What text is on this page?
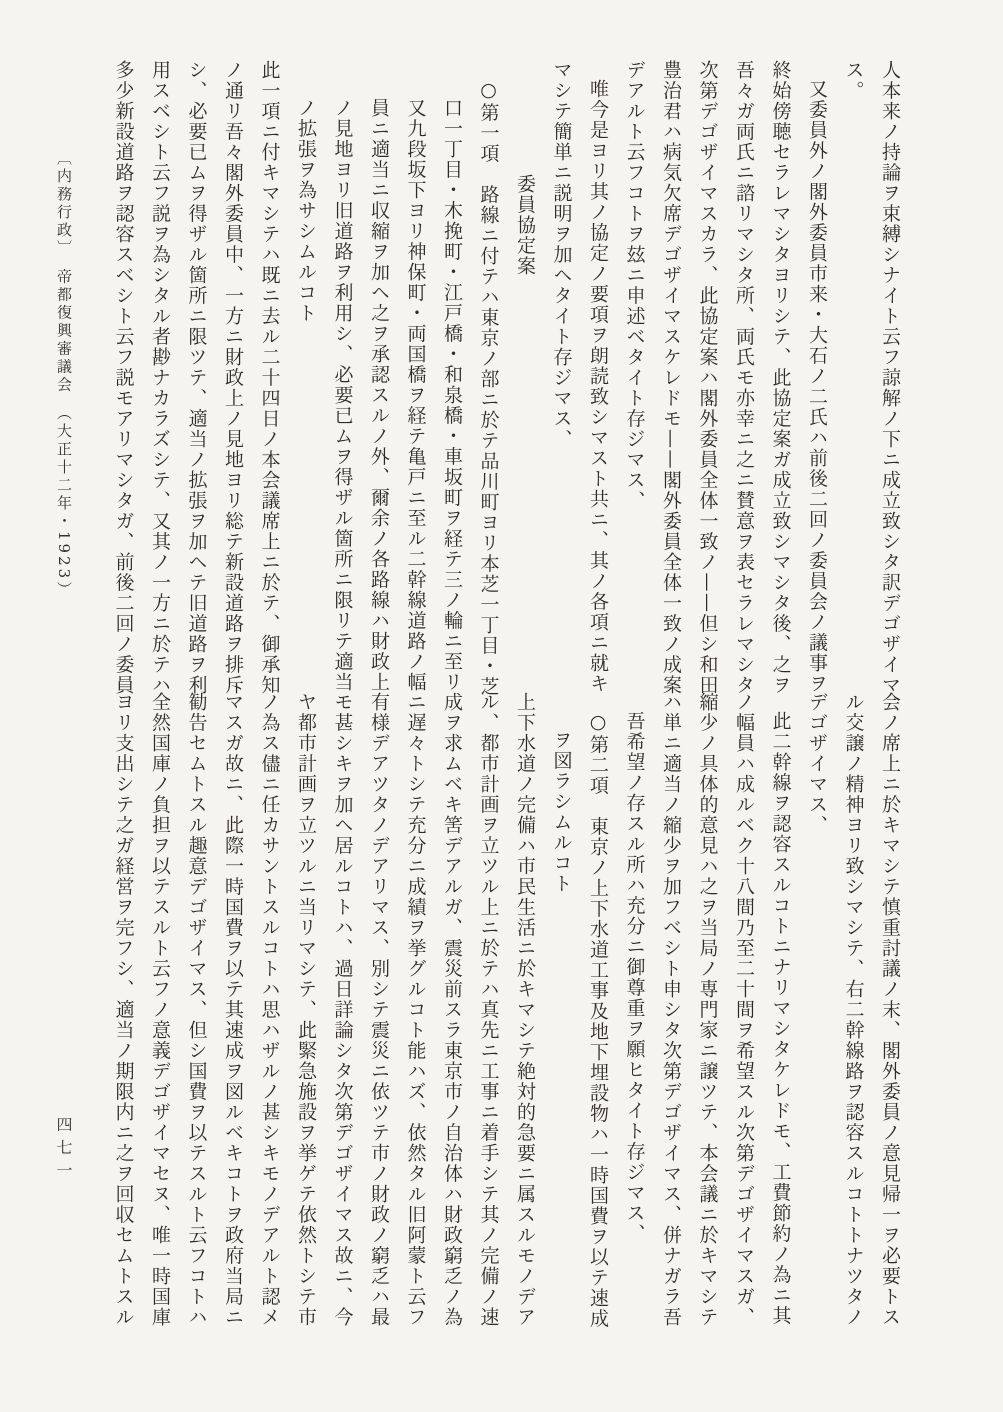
人本来ノ持論ヲ束縛シナイト云フ諒解ノ下ニ成立致シタ訳デゴザイマ
ス。
又委員外ノ閣外委員市来・大石ノ二氏ハ前後二回ノ委員会ノ議事ヲ
終始傍聴セラレマシタヨリシテ、此協定案ガ成立致シマシタ後、之ヲ
吾々ガ両氏ニ諮リマシタ所、両氏モ亦幸ニ之ニ賛意ヲ表セラレマシタ
次第デゴザイマスカラ、此協定案ハ閣外委員全体一致ノ——但シ和田
豊治君ハ病気欠席デゴザイマスケレドモ——閣外委員全体一致ノ成案
デアルト云フコトヲ玆ニ申述ベタイト存ジマス、
唯今是ヨリ其ノ協定ノ要項ヲ朗読致シマスト共ニ、其ノ各項ニ就キ
マシテ簡単ニ説明ヲ加ヘタイト存ジマス、
委員協定案
○第一項　路線ニ付テハ東京ノ部ニ於テ品川町ヨリ本芝一丁目・芝
口一丁目・木挽町・江戸橋・和泉橋・車坂町ヲ経テ三ノ輪ニ至リ
又九段坂下ヨリ神保町・両国橋ヲ経テ亀戸ニ至ル二幹線道路ノ幅
員ニ適当ニ収縮ヲ加ヘ之ヲ承認スルノ外、爾余ノ各路線ハ財政上
ノ見地ヨリ旧道路ヲ利用シ、必要已ムヲ得ザル箇所ニ限リテ適当
ノ拡張ヲ為サシムルコト
此一項ニ付キマシテハ既ニ去ル二十四日ノ本会議席上ニ於テ、御承知
ノ通リ吾々閣外委員中、一方ニ財政上ノ見地ヨリ総テ新設道路ヲ排斥
シ、必要已ムヲ得ザル箇所ニ限ツテ、適当ノ拡張ヲ加ヘテ旧道路ヲ利
用スベシト云フ説ヲ為シタル者尠ナカラズシテ、又其ノ一方ニ於テハ
多少新設道路ヲ認容スベシト云フ説モアリマシタガ、前後二回ノ委員
〔内務行政〕　帝都復興審議会　（大正十二年・1923）
会ノ席上ニ於キマシテ慎重討議ノ末、閣外委員ノ意見帰一ヲ必要トス
ル交譲ノ精神ヨリ致シマシテ、右二幹線路ヲ認容スルコトトナツタノ
デゴザイマス、
此二幹線ヲ認容スルコトニナリマシタケレドモ、工費節約ノ為ニ其
ノ幅員ハ成ルベク十八間乃至二十間ヲ希望スル次第デゴザイマスガ、
縮少ノ具体的意見ハ之ヲ当局ノ専門家ニ譲ツテ、本会議ニ於キマシテ
ハ単ニ適当ノ縮少ヲ加フベシト申シタ次第デゴザイマス、併ナガラ吾
吾希望ノ存スル所ハ充分ニ御尊重ヲ願ヒタイト存ジマス、
○第二項　東京ノ上下水道工事及地下埋設物ハ一時国費ヲ以テ速成
ヲ図ラシムルコト
上下水道ノ完備ハ市民生活ニ於キマシテ絶対的急要ニ属スルモノデア
ル、都市計画ヲ立ツル上ニ於テハ真先ニ工事ニ着手シテ其ノ完備ノ速
成ヲ求ムベキ筈デアルガ、震災前スラ東京市ノ自治体ハ財政窮乏ノ為
ニ遅々トシテ充分ニ成績ヲ挙グルコト能ハズ、依然タル旧阿蒙ト云フ
有様デアツタノデアリマス、別シテ震災ニ依ツテ市ノ財政ノ窮乏ハ最
モ甚シキヲ加ヘ居ルコトハ、過日詳論シタ次第デゴザイマス故ニ、今
ヤ都市計画ヲ立ツルニ当リマシテ、此緊急施設ヲ挙ゲテ依然トシテ市
ノ為ス儘ニ任カサントスルコトハ思ハザルノ甚シキモノデアルト認メ
マスガ故ニ、此際一時国費ヲ以テ其速成ヲ図ルベキコトヲ政府当局ニ
勧告セムトスル趣意デゴザイマス、但シ国費ヲ以テスルト云フコトハ
全然国庫ノ負担ヲ以テスルト云フノ意義デゴザイマセヌ、唯一時国庫
ヨリ支出シテ之ガ経営ヲ完フシ、適当ノ期限内ニ之ヲ回収セムトスル
四七一
